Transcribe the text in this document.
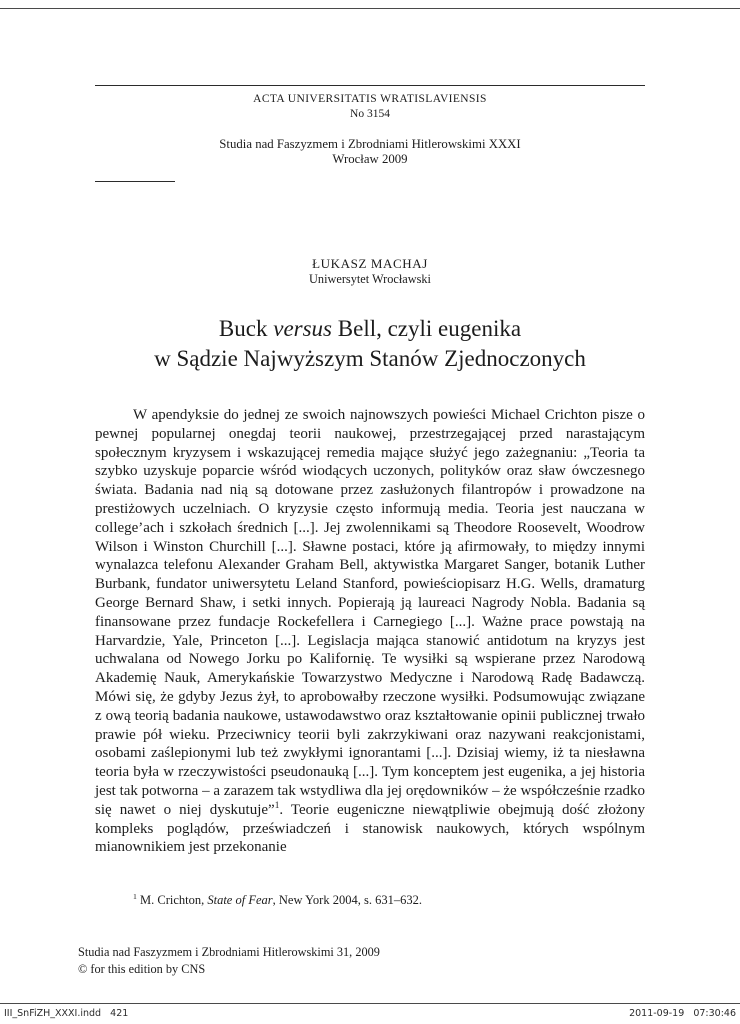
ACTA UNIVERSITATIS WRATISLAVIENSIS
No 3154
Studia nad Faszyzmem i Zbrodniami Hitlerowskimi XXXI
Wrocław 2009
ŁUKASZ MACHAJ
Uniwersytet Wrocławski
Buck versus Bell, czyli eugenika
w Sądzie Najwyższym Stanów Zjednoczonych

W apendyksie do jednej ze swoich najnowszych powieści Michael Crichton pisze o pewnej popularnej onegdaj teorii naukowej, przestrzegającej przed narastającym społecznym kryzysem i wskazującej remedia mające służyć jego zażegnaniu: „Teoria ta szybko uzyskuje poparcie wśród wiodących uczonych, polityków oraz sław ówczesnego świata. Badania nad nią są dotowane przez zasłużonych filantropów i prowadzone na prestiżowych uczelniach. O kryzysie często informują media. Teoria jest nauczana w college’ach i szkołach średnich [...]. Jej zwolennikami są Theodore Roosevelt, Woodrow Wilson i Winston Churchill [...]. Sławne postaci, które ją afirmowały, to między innymi wynalazca telefonu Alexander Graham Bell, aktywistka Margaret Sanger, botanik Luther Burbank, fundator uniwersytetu Leland Stanford, powieściopisarz H.G. Wells, dramaturg George Bernard Shaw, i setki innych. Popierają ją laureaci Nagrody Nobla. Badania są finansowane przez fundacje Rockefellera i Carnegiego [...]. Ważne prace powstają na Harvardzie, Yale, Princeton [...]. Legislacja mająca stanowić antidotum na kryzys jest uchwalana od Nowego Jorku po Kalifornię. Te wysiłki są wspierane przez Narodową Akademię Nauk, Amerykańskie Towarzystwo Medyczne i Narodową Radę Badawczą. Mówi się, że gdyby Jezus żył, to aprobowałby rzeczone wysiłki. Podsumowując związane z ową teorią badania naukowe, ustawodawstwo oraz kształtowanie opinii publicznej trwało prawie pół wieku. Przeciwnicy teorii byli zakrzykiwani oraz nazywani reakcjonistami, osobami zaślepionymi lub też zwykłymi ignorantami [...]. Dzisiaj wiemy, iż ta niesławna teoria była w rzeczywistości pseudonauką [...]. Tym konceptem jest eugenika, a jej historia jest tak potworna – a zarazem tak wstydliwa dla jej orędowników – że współcześnie rzadko się nawet o niej dyskutuje”$^1$. Teorie eugeniczne niewątpliwie obejmują dość złożony kompleks poglądów, przeświadczeń i stanowisk naukowych, których wspólnym mianownikiem jest przekonanie

$^1$ M. Crichton, State of Fear, New York 2004, s. 631–632.
Studia nad Faszyzmem i Zbrodniami Hitlerowskimi 31, 2009
© for this edition by CNS
III_SnFiZH_XXXI.indd   421	2011-09-19   07:30:46
